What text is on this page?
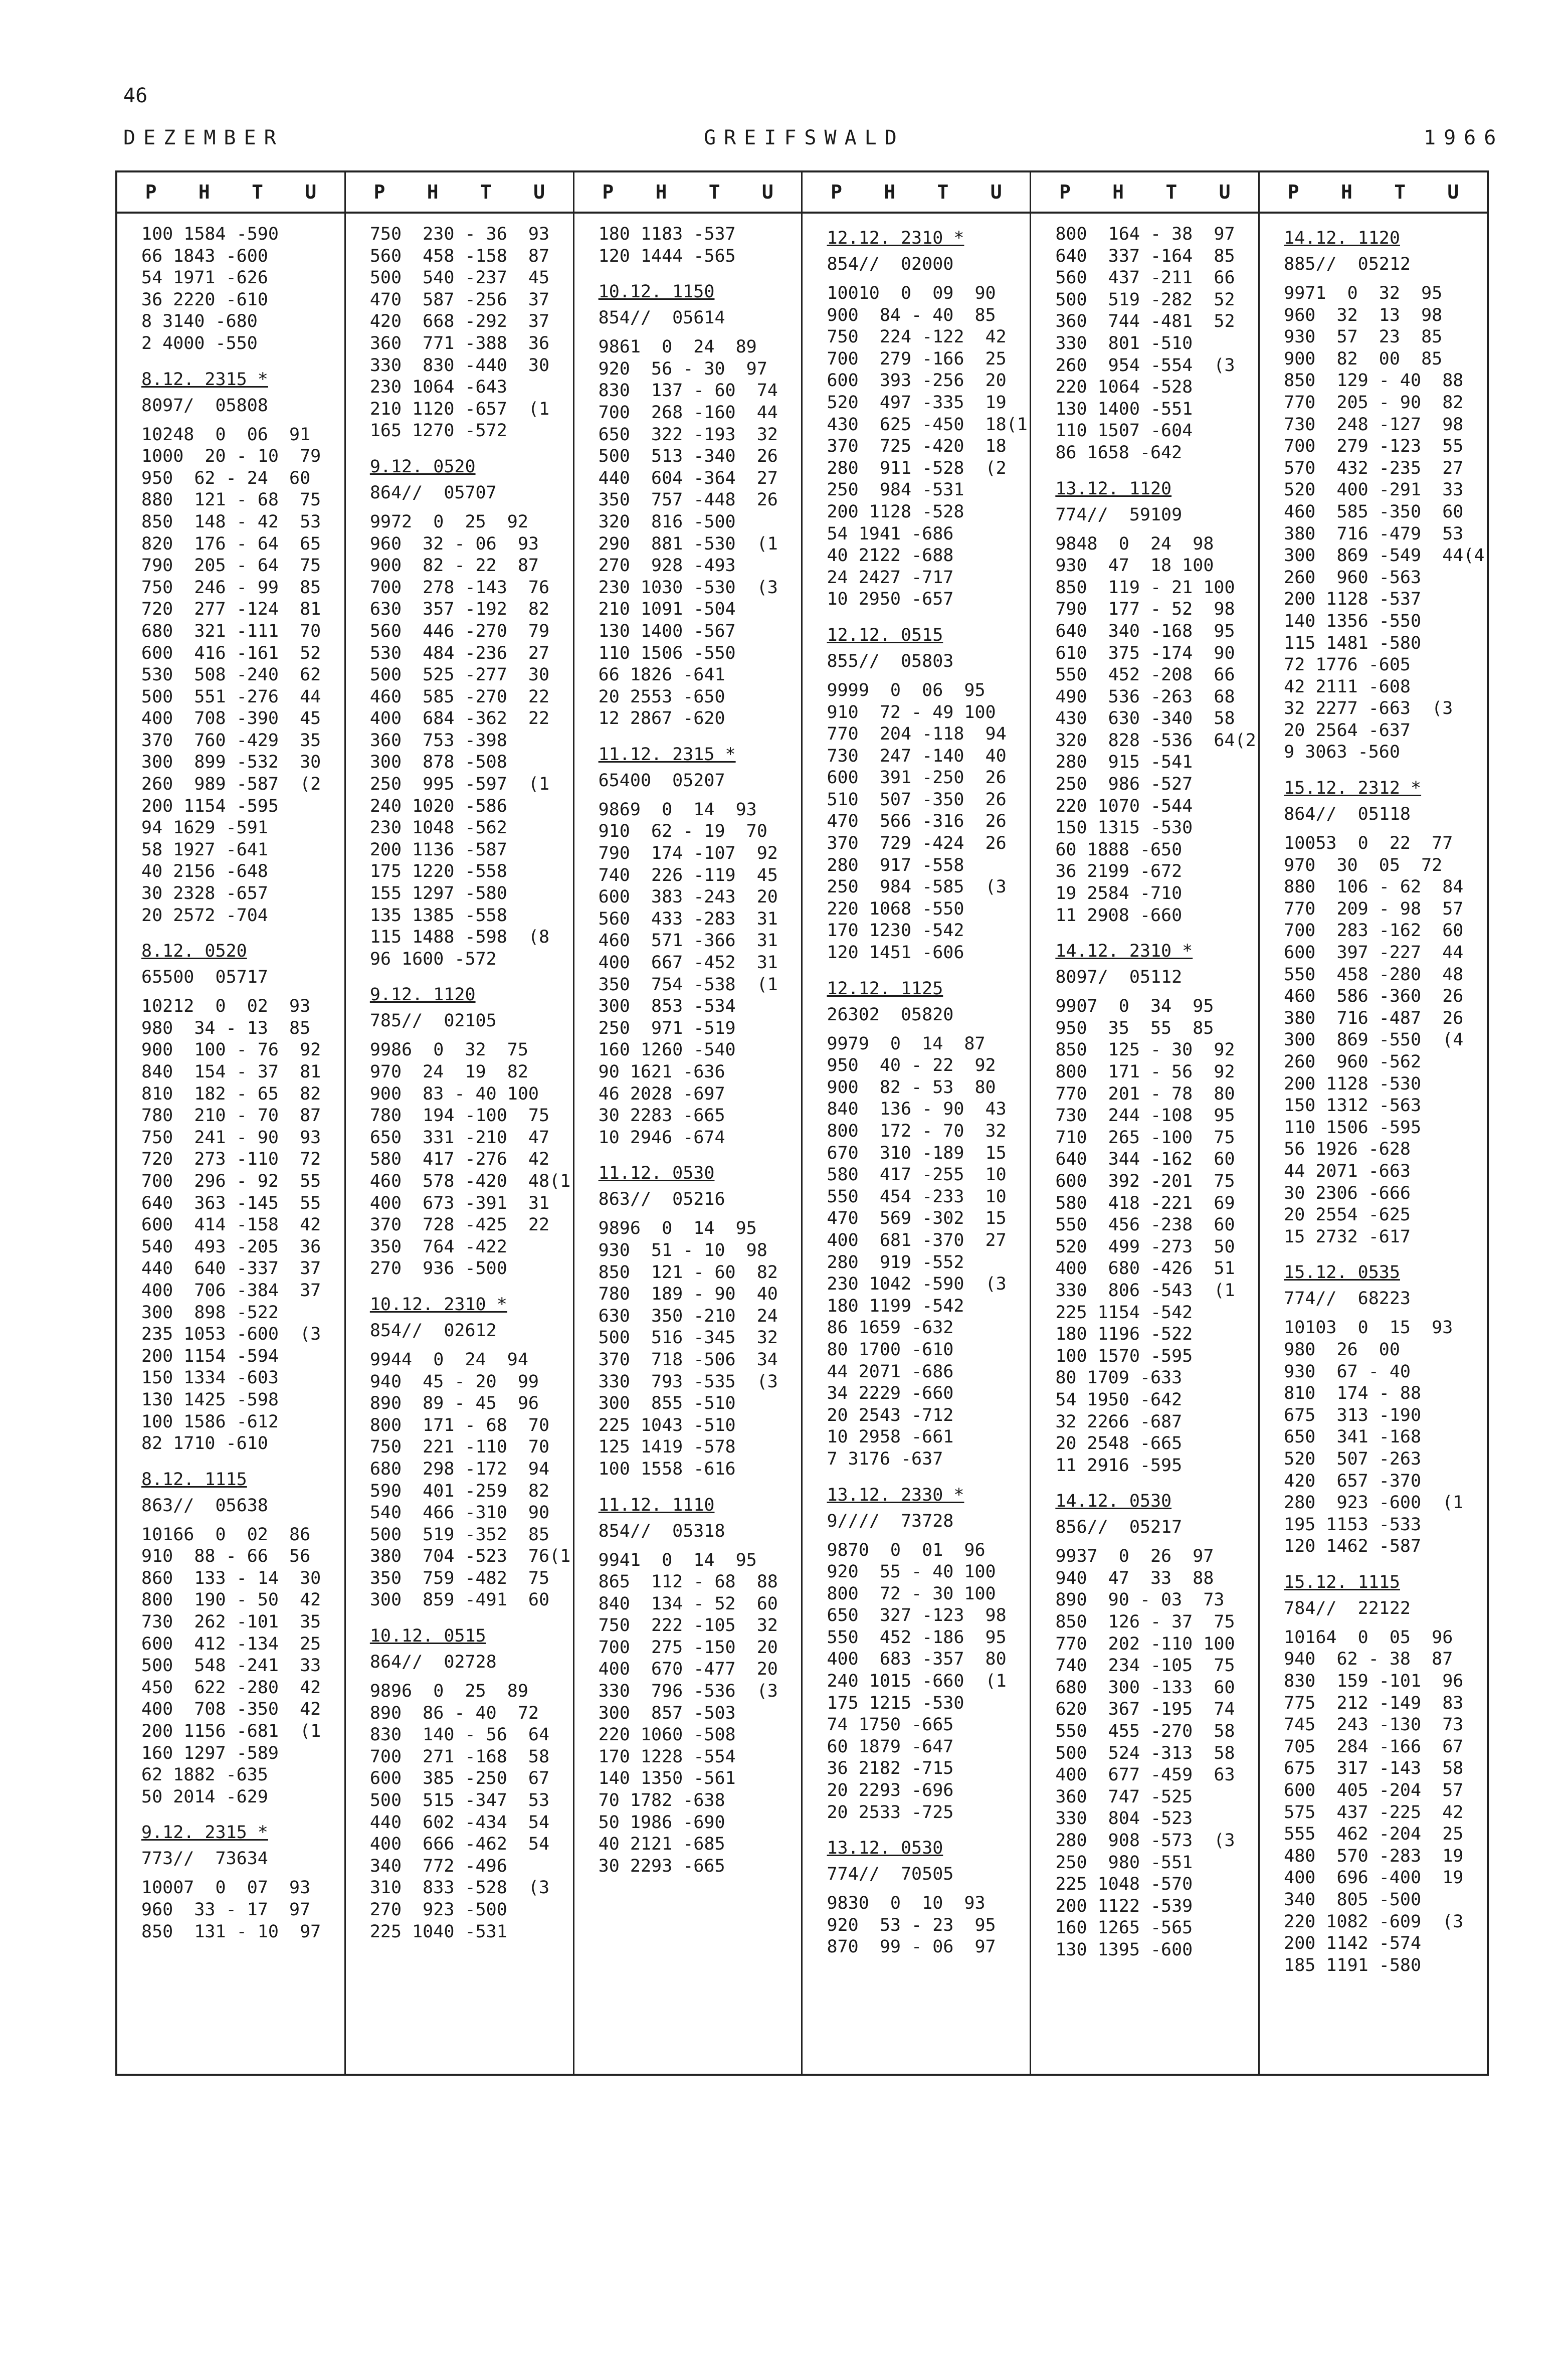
46
DEZEMBER	GREIFSWALD	1966
P H T U
100 1584 -590
66 1843 -600
54 1971 -626
36 2220 -610
8 3140 -680
2 4000 -550
8.12. 2315 *
8097/  05808
10248  0  06  91
1000  20 - 10  79
950  62 - 24  60
880  121 - 68  75
850  148 - 42  53
820  176 - 64  65
790  205 - 64  75
750  246 - 99  85
720  277 -124  81
680  321 -111  70
600  416 -161  52
530  508 -240  62
500  551 -276  44
400  708 -390  45
370  760 -429  35
300  899 -532  30
260  989 -587  (2
200 1154 -595
94 1629 -591
58 1927 -641
40 2156 -648
30 2328 -657
20 2572 -704
8.12. 0520
65500  05717
10212  0  02  93
980  34 - 13  85
900  100 - 76  92
840  154 - 37  81
810  182 - 65  82
780  210 - 70  87
750  241 - 90  93
720  273 -110  72
700  296 - 92  55
640  363 -145  55
600  414 -158  42
540  493 -205  36
440  640 -337  37
400  706 -384  37
300  898 -522
235 1053 -600  (3
200 1154 -594
150 1334 -603
130 1425 -598
100 1586 -612
82 1710 -610
8.12. 1115
863//  05638
10166  0  02  86
910  88 - 66  56
860  133 - 14  30
800  190 - 50  42
730  262 -101  35
600  412 -134  25
500  548 -241  33
450  622 -280  42
400  708 -350  42
200 1156 -681  (1
160 1297 -589
62 1882 -635
50 2014 -629
9.12. 2315 *
773//  73634
10007  0  07  93
960  33 - 17  97
850  131 - 10  97
P H T U
750  230 - 36  93
560  458 -158  87
500  540 -237  45
470  587 -256  37
420  668 -292  37
360  771 -388  36
330  830 -440  30
230 1064 -643
210 1120 -657  (1
165 1270 -572
9.12. 0520
864//  05707
9972  0  25  92
960  32 - 06  93
900  82 - 22  87
700  278 -143  76
630  357 -192  82
560  446 -270  79
530  484 -236  27
500  525 -277  30
460  585 -270  22
400  684 -362  22
360  753 -398
300  878 -508
250  995 -597  (1
240 1020 -586
230 1048 -562
200 1136 -587
175 1220 -558
155 1297 -580
135 1385 -558
115 1488 -598  (8
96 1600 -572
9.12. 1120
785//  02105
9986  0  32  75
970  24  19  82
900  83 - 40 100
780  194 -100  75
650  331 -210  47
580  417 -276  42
460  578 -420  48(1
400  673 -391  31
370  728 -425  22
350  764 -422
270  936 -500
10.12. 2310 *
854//  02612
9944  0  24  94
940  45 - 20  99
890  89 - 45  96
800  171 - 68  70
750  221 -110  70
680  298 -172  94
590  401 -259  82
540  466 -310  90
500  519 -352  85
380  704 -523  76(1
350  759 -482  75
300  859 -491  60
10.12. 0515
864//  02728
9896  0  25  89
890  86 - 40  72
830  140 - 56  64
700  271 -168  58
600  385 -250  67
500  515 -347  53
440  602 -434  54
400  666 -462  54
340  772 -496
310  833 -528  (3
270  923 -500
225 1040 -531
P H T U
180 1183 -537
120 1444 -565
10.12. 1150
854//  05614
9861  0  24  89
920  56 - 30  97
830  137 - 60  74
700  268 -160  44
650  322 -193  32
500  513 -340  26
440  604 -364  27
350  757 -448  26
320  816 -500
290  881 -530  (1
270  928 -493
230 1030 -530  (3
210 1091 -504
130 1400 -567
110 1506 -550
66 1826 -641
20 2553 -650
12 2867 -620
11.12. 2315 *
65400  05207
9869  0  14  93
910  62 - 19  70
790  174 -107  92
740  226 -119  45
600  383 -243  20
560  433 -283  31
460  571 -366  31
400  667 -452  31
350  754 -538  (1
300  853 -534
250  971 -519
160 1260 -540
90 1621 -636
46 2028 -697
30 2283 -665
10 2946 -674
11.12. 0530
863//  05216
9896  0  14  95
930  51 - 10  98
850  121 - 60  82
780  189 - 90  40
630  350 -210  24
500  516 -345  32
370  718 -506  34
330  793 -535  (3
300  855 -510
225 1043 -510
125 1419 -578
100 1558 -616
11.12. 1110
854//  05318
9941  0  14  95
865  112 - 68  88
840  134 - 52  60
750  222 -105  32
700  275 -150  20
400  670 -477  20
330  796 -536  (3
300  857 -503
220 1060 -508
170 1228 -554
140 1350 -561
70 1782 -638
50 1986 -690
40 2121 -685
30 2293 -665
P H T U
12.12. 2310 *
854//  02000
10010  0  09  90
900  84 - 40  85
750  224 -122  42
700  279 -166  25
600  393 -256  20
520  497 -335  19
430  625 -450  18(1
370  725 -420  18
280  911 -528  (2
250  984 -531
200 1128 -528
54 1941 -686
40 2122 -688
24 2427 -717
10 2950 -657
12.12. 0515
855//  05803
9999  0  06  95
910  72 - 49 100
770  204 -118  94
730  247 -140  40
600  391 -250  26
510  507 -350  26
470  566 -316  26
370  729 -424  26
280  917 -558
250  984 -585  (3
220 1068 -550
170 1230 -542
120 1451 -606
12.12. 1125
26302  05820
9979  0  14  87
950  40 - 22  92
900  82 - 53  80
840  136 - 90  43
800  172 - 70  32
670  310 -189  15
580  417 -255  10
550  454 -233  10
470  569 -302  15
400  681 -370  27
280  919 -552
230 1042 -590  (3
180 1199 -542
86 1659 -632
80 1700 -610
44 2071 -686
34 2229 -660
20 2543 -712
10 2958 -661
7 3176 -637
13.12. 2330 *
9////  73728
9870  0  01  96
920  55 - 40 100
800  72 - 30 100
650  327 -123  98
550  452 -186  95
400  683 -357  80
240 1015 -660  (1
175 1215 -530
74 1750 -665
60 1879 -647
36 2182 -715
20 2293 -696
20 2533 -725
13.12. 0530
774//  70505
9830  0  10  93
920  53 - 23  95
870  99 - 06  97
P H T U
800  164 - 38  97
640  337 -164  85
560  437 -211  66
500  519 -282  52
360  744 -481  52
330  801 -510
260  954 -554  (3
220 1064 -528
130 1400 -551
110 1507 -604
86 1658 -642
13.12. 1120
774//  59109
9848  0  24  98
930  47  18 100
850  119 - 21 100
790  177 - 52  98
640  340 -168  95
610  375 -174  90
550  452 -208  66
490  536 -263  68
430  630 -340  58
320  828 -536  64(2
280  915 -541
250  986 -527
220 1070 -544
150 1315 -530
60 1888 -650
36 2199 -672
19 2584 -710
11 2908 -660
14.12. 2310 *
8097/  05112
9907  0  34  95
950  35  55  85
850  125 - 30  92
800  171 - 56  92
770  201 - 78  80
730  244 -108  95
710  265 -100  75
640  344 -162  60
600  392 -201  75
580  418 -221  69
550  456 -238  60
520  499 -273  50
400  680 -426  51
330  806 -543  (1
225 1154 -542
180 1196 -522
100 1570 -595
80 1709 -633
54 1950 -642
32 2266 -687
20 2548 -665
11 2916 -595
14.12. 0530
856//  05217
9937  0  26  97
940  47  33  88
890  90 - 03  73
850  126 - 37  75
770  202 -110 100
740  234 -105  75
680  300 -133  60
620  367 -195  74
550  455 -270  58
500  524 -313  58
400  677 -459  63
360  747 -525
330  804 -523
280  908 -573  (3
250  980 -551
225 1048 -570
200 1122 -539
160 1265 -565
130 1395 -600
P H T U
14.12. 1120
885//  05212
9971  0  32  95
960  32  13  98
930  57  23  85
900  82  00  85
850  129 - 40  88
770  205 - 90  82
730  248 -127  98
700  279 -123  55
570  432 -235  27
520  400 -291  33
460  585 -350  60
380  716 -479  53
300  869 -549  44(4
260  960 -563
200 1128 -537
140 1356 -550
115 1481 -580
72 1776 -605
42 2111 -608
32 2277 -663  (3
20 2564 -637
9 3063 -560
15.12. 2312 *
864//  05118
10053  0  22  77
970  30  05  72
880  106 - 62  84
770  209 - 98  57
700  283 -162  60
600  397 -227  44
550  458 -280  48
460  586 -360  26
380  716 -487  26
300  869 -550  (4
260  960 -562
200 1128 -530
150 1312 -563
110 1506 -595
56 1926 -628
44 2071 -663
30 2306 -666
20 2554 -625
15 2732 -617
15.12. 0535
774//  68223
10103  0  15  93
980  26  00
930  67 - 40
810  174 - 88
675  313 -190
650  341 -168
520  507 -263
420  657 -370
280  923 -600  (1
195 1153 -533
120 1462 -587
15.12. 1115
784//  22122
10164  0  05  96
940  62 - 38  87
830  159 -101  96
775  212 -149  83
745  243 -130  73
705  284 -166  67
675  317 -143  58
600  405 -204  57
575  437 -225  42
555  462 -204  25
480  570 -283  19
400  696 -400  19
340  805 -500
220 1082 -609  (3
200 1142 -574
185 1191 -580
